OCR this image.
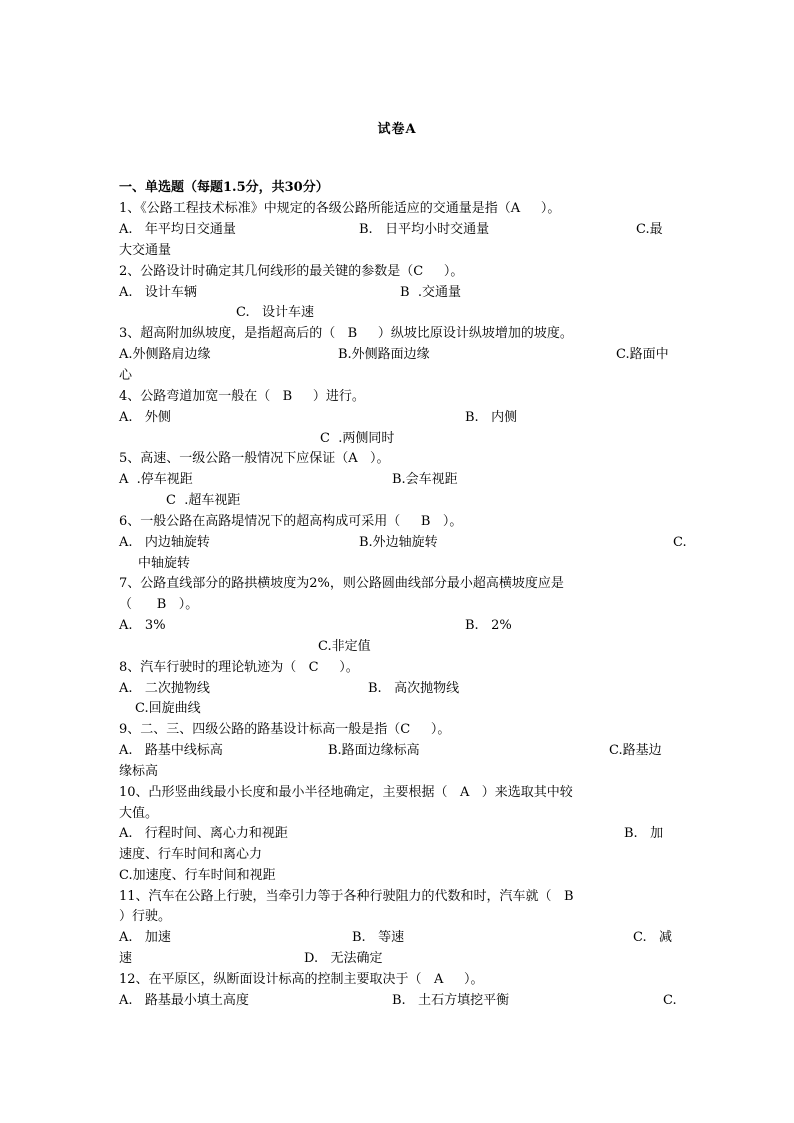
试卷A
一、单选题（每题1.5分，共30分）
1、《公路工程技术标准》中规定的各级公路所能适应的交通量是指（A     ）。
A.   年平均日交通量	B.   日平均小时交通量	C.最
大交通量
2、公路设计时确定其几何线形的最关键的参数是（C     ）。
A.   设计车辆	B  .交通量
C.   设计车速
3、超高附加纵坡度，是指超高后的（   B     ）纵坡比原设计纵坡增加的坡度。
A.外侧路肩边缘	B.外侧路面边缘	C.路面中
心
4、公路弯道加宽一般在（   B     ）进行。
A.   外侧	B.   内侧
C  .两侧同时
5、高速、一级公路一般情况下应保证（A   ）。
A  .停车视距	B.会车视距
C  .超车视距
6、一般公路在高路堤情况下的超高构成可采用（     B   ）。
A.   内边轴旋转	B.外边轴旋转	C.
中轴旋转
7、公路直线部分的路拱横坡度为2%，则公路圆曲线部分最小超高横坡度应是
（      B   ）。
A.   3%	B.   2%
C.非定值
8、汽车行驶时的理论轨迹为（   C     ）。
A.   二次抛物线	B.   高次抛物线
C.回旋曲线
9、二、三、四级公路的路基设计标高一般是指（C     ）。
A.   路基中线标高	B.路面边缘标高	C.路基边
缘标高
10、凸形竖曲线最小长度和最小半径地确定，主要根据（   A   ）来选取其中较
大值。
A.   行程时间、离心力和视距	B.   加
速度、行车时间和离心力
C.加速度、行车时间和视距
11、汽车在公路上行驶，当牵引力等于各种行驶阻力的代数和时，汽车就（   B
）行驶。
A.   加速	B.   等速	C.   减
速	D.   无法确定
12、在平原区，纵断面设计标高的控制主要取决于（   A     ）。
A.   路基最小填土高度	B.   土石方填挖平衡	C.
